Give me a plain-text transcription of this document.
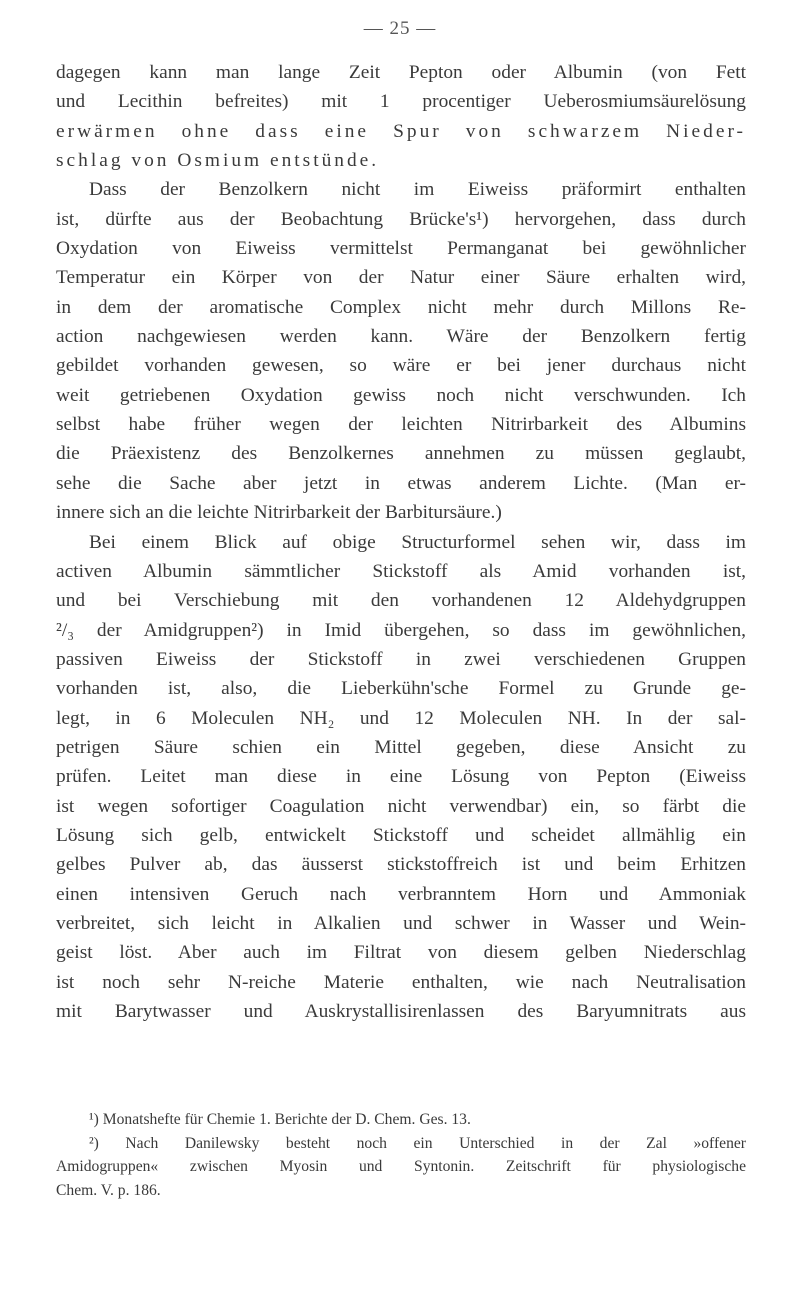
— 25 —
dagegen kann man lange Zeit Pepton oder Albumin (von Fett
und Lecithin befreites) mit 1 procentiger Ueberosmiumsäurelösung
erwärmen ohne dass eine Spur von schwarzem Nieder-
schlag von Osmium entstünde.
Dass der Benzolkern nicht im Eiweiss präformirt enthalten
ist, dürfte aus der Beobachtung Brücke's¹) hervorgehen, dass durch
Oxydation von Eiweiss vermittelst Permanganat bei gewöhnlicher
Temperatur ein Körper von der Natur einer Säure erhalten wird,
in dem der aromatische Complex nicht mehr durch Millons Re-
action nachgewiesen werden kann. Wäre der Benzolkern fertig
gebildet vorhanden gewesen, so wäre er bei jener durchaus nicht
weit getriebenen Oxydation gewiss noch nicht verschwunden. Ich
selbst habe früher wegen der leichten Nitrirbarkeit des Albumins
die Präexistenz des Benzolkernes annehmen zu müssen geglaubt,
sehe die Sache aber jetzt in etwas anderem Lichte. (Man er-
innere sich an die leichte Nitrirbarkeit der Barbitursäure.)
Bei einem Blick auf obige Structurformel sehen wir, dass im
activen Albumin sämmtlicher Stickstoff als Amid vorhanden ist,
und bei Verschiebung mit den vorhandenen 12 Aldehydgruppen
²/₃ der Amidgruppen²) in Imid übergehen, so dass im gewöhnlichen,
passiven Eiweiss der Stickstoff in zwei verschiedenen Gruppen
vorhanden ist, also, die Lieberkühn'sche Formel zu Grunde ge-
legt, in 6 Moleculen NH₂ und 12 Moleculen NH. In der sal-
petrigen Säure schien ein Mittel gegeben, diese Ansicht zu
prüfen. Leitet man diese in eine Lösung von Pepton (Eiweiss
ist wegen sofortiger Coagulation nicht verwendbar) ein, so färbt die
Lösung sich gelb, entwickelt Stickstoff und scheidet allmählig ein
gelbes Pulver ab, das äusserst stickstoffreich ist und beim Erhitzen
einen intensiven Geruch nach verbranntem Horn und Ammoniak
verbreitet, sich leicht in Alkalien und schwer in Wasser und Wein-
geist löst. Aber auch im Filtrat von diesem gelben Niederschlag
ist noch sehr N-reiche Materie enthalten, wie nach Neutralisation
mit Barytwasser und Auskrystallisirenlassen des Baryumnitrats aus
¹) Monatshefte für Chemie 1. Berichte der D. Chem. Ges. 13.
²) Nach Danilewsky besteht noch ein Unterschied in der Zal »offener
Amidogruppen« zwischen Myosin und Syntonin. Zeitschrift für physiologische
Chem. V. p. 186.
